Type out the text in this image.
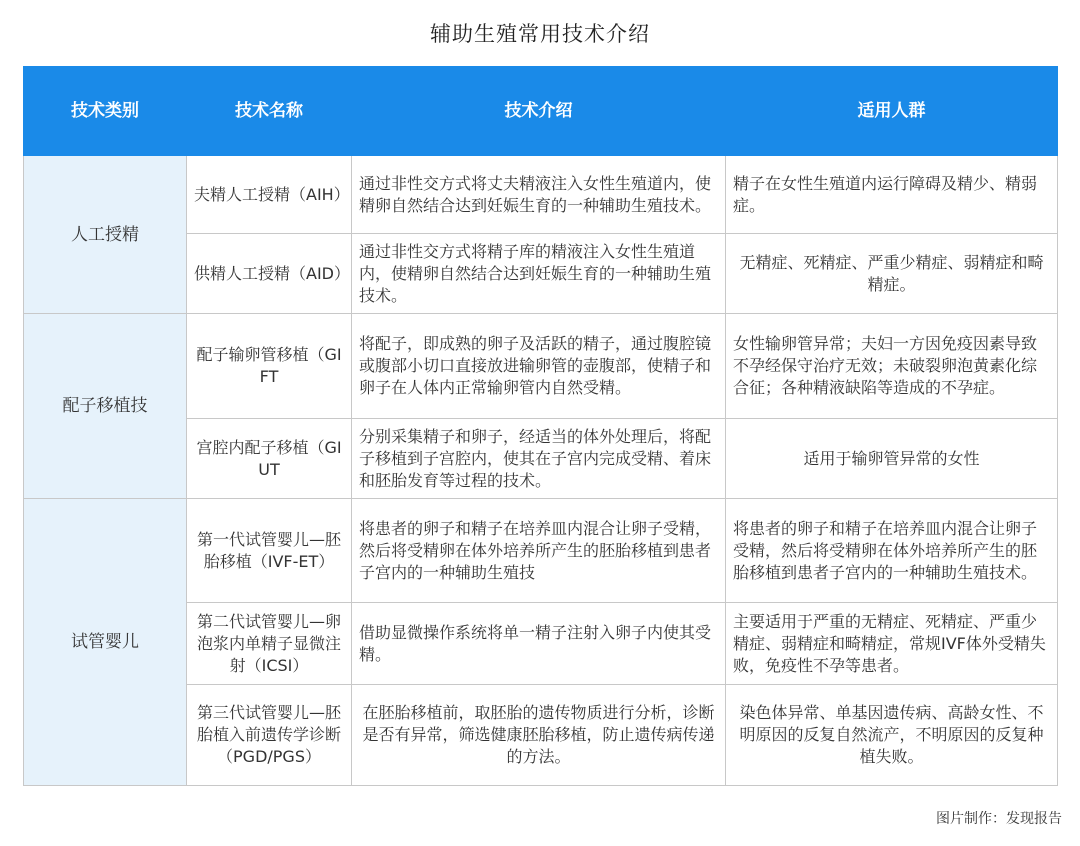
辅助生殖常用技术介绍
技术类别	技术名称	技术介绍	适用人群
人工授精	夫精人工授精（AIH）	通过非性交方式将丈夫精液注入女性生殖道内，使精卵自然结合达到妊娠生育的一种辅助生殖技术。	精子在女性生殖道内运行障碍及精少、精弱症。
	供精人工授精（AID）	通过非性交方式将精子库的精液注入女性生殖道内，使精卵自然结合达到妊娠生育的一种辅助生殖技术。	无精症、死精症、严重少精症、弱精症和畸精症。
配子移植技	配子输卵管移植（GIFT	将配子，即成熟的卵子及活跃的精子，通过腹腔镜或腹部小切口直接放进输卵管的壶腹部，使精子和卵子在人体内正常输卵管内自然受精。	女性输卵管异常；夫妇一方因免疫因素导致不孕经保守治疗无效；未破裂卵泡黄素化综合征；各种精液缺陷等造成的不孕症。
	宫腔内配子移植（GIUT	分别采集精子和卵子，经适当的体外处理后，将配子移植到子宫腔内，使其在子宫内完成受精、着床和胚胎发育等过程的技术。	适用于输卵管异常的女性
试管婴儿	第一代试管婴儿—胚胎移植（IVF-ET）	将患者的卵子和精子在培养皿内混合让卵子受精，然后将受精卵在体外培养所产生的胚胎移植到患者子宫内的一种辅助生殖技	将患者的卵子和精子在培养皿内混合让卵子受精，然后将受精卵在体外培养所产生的胚胎移植到患者子宫内的一种辅助生殖技术。
	第二代试管婴儿—卵泡浆内单精子显微注射（ICSI）	借助显微操作系统将单一精子注射入卵子内使其受精。	主要适用于严重的无精症、死精症、严重少精症、弱精症和畸精症，常规IVF体外受精失败，免疫性不孕等患者。
	第三代试管婴儿—胚胎植入前遗传学诊断（PGD/PGS）	在胚胎移植前，取胚胎的遗传物质进行分析，诊断是否有异常，筛选健康胚胎移植，防止遗传病传递的方法。	染色体异常、单基因遗传病、高龄女性、不明原因的反复自然流产，不明原因的反复种植失败。
图片制作：发现报告
